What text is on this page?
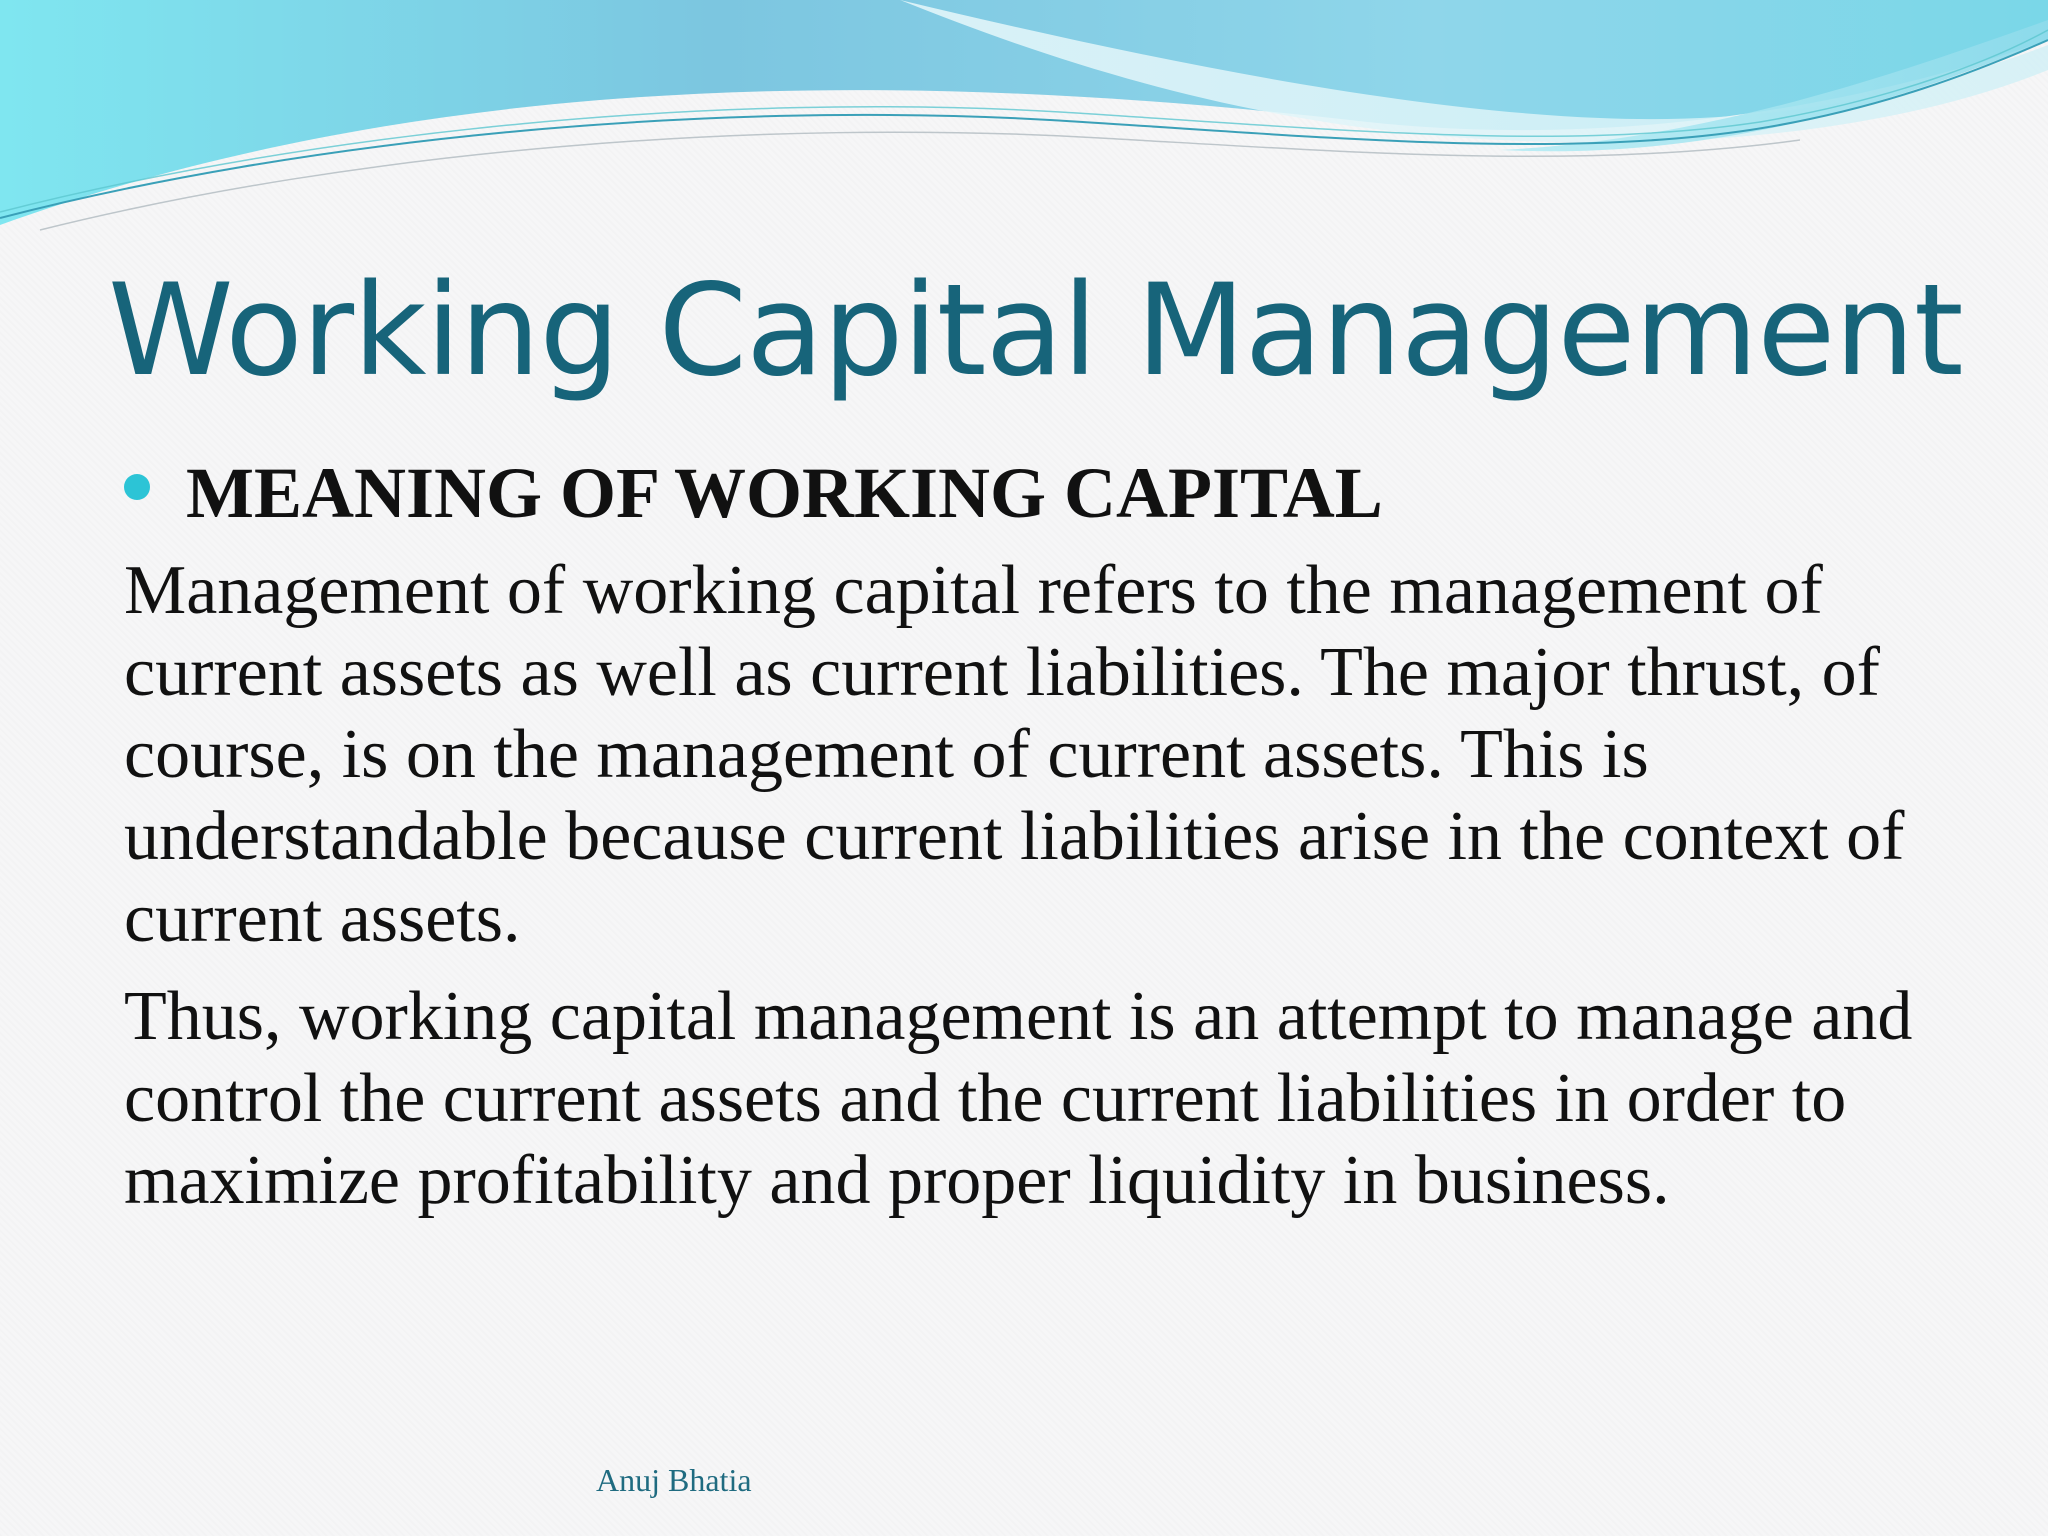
Working Capital Management
MEANING OF WORKING CAPITAL

Management of working capital refers to the management of current assets as well as current liabilities. The major thrust, of course, is on the management of current assets. This is understandable because current liabilities arise in the context of current assets.

Thus, working capital management is an attempt to manage and control the current assets and the current liabilities in order to maximize profitability and proper liquidity in business.

Anuj Bhatia
